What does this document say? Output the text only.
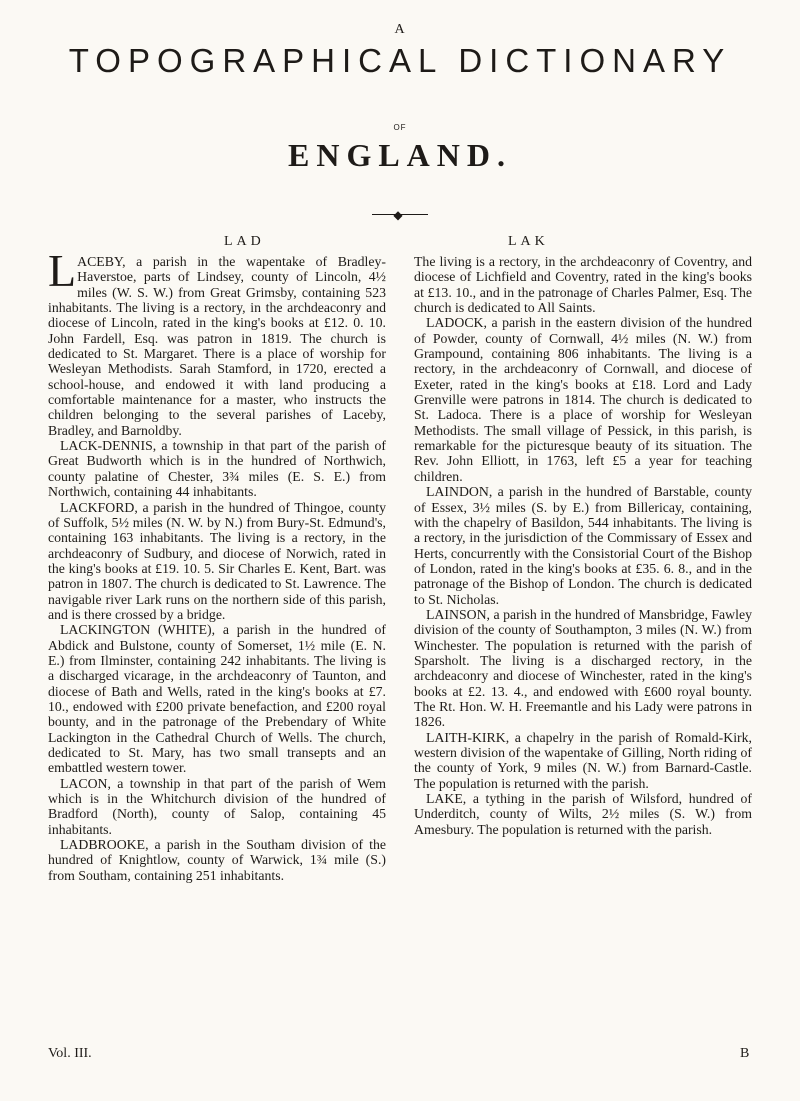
A
TOPOGRAPHICAL DICTIONARY
OF
ENGLAND.
◆
LAD	LAK

LACEBY, a parish in the wapentake of Bradley-Haverstoe, parts of Lindsey, county of Lincoln, 4½ miles (W. S. W.) from Great Grimsby, containing 523 inhabitants. The living is a rectory, in the archdeaconry and diocese of Lincoln, rated in the king's books at £12. 0. 10. John Fardell, Esq. was patron in 1819. The church is dedicated to St. Margaret. There is a place of worship for Wesleyan Methodists. Sarah Stamford, in 1720, erected a school-house, and endowed it with land producing a comfortable maintenance for a master, who instructs the children belonging to the several parishes of Laceby, Bradley, and Barnoldby.

LACK-DENNIS, a township in that part of the parish of Great Budworth which is in the hundred of Northwich, county palatine of Chester, 3¾ miles (E. S. E.) from Northwich, containing 44 inhabitants.

LACKFORD, a parish in the hundred of Thingoe, county of Suffolk, 5½ miles (N. W. by N.) from Bury-St. Edmund's, containing 163 inhabitants. The living is a rectory, in the archdeaconry of Sudbury, and diocese of Norwich, rated in the king's books at £19. 10. 5. Sir Charles E. Kent, Bart. was patron in 1807. The church is dedicated to St. Lawrence. The navigable river Lark runs on the northern side of this parish, and is there crossed by a bridge.

LACKINGTON (WHITE), a parish in the hundred of Abdick and Bulstone, county of Somerset, 1½ mile (E. N. E.) from Ilminster, containing 242 inhabitants. The living is a discharged vicarage, in the archdeaconry of Taunton, and diocese of Bath and Wells, rated in the king's books at £7. 10., endowed with £200 private benefaction, and £200 royal bounty, and in the patronage of the Prebendary of White Lackington in the Cathedral Church of Wells. The church, dedicated to St. Mary, has two small transepts and an embattled western tower.

LACON, a township in that part of the parish of Wem which is in the Whitchurch division of the hundred of Bradford (North), county of Salop, containing 45 inhabitants.

LADBROOKE, a parish in the Southam division of the hundred of Knightlow, county of Warwick, 1¾ mile (S.) from Southam, containing 251 inhabitants.

The living is a rectory, in the archdeaconry of Coventry, and diocese of Lichfield and Coventry, rated in the king's books at £13. 10., and in the patronage of Charles Palmer, Esq. The church is dedicated to All Saints.

LADOCK, a parish in the eastern division of the hundred of Powder, county of Cornwall, 4½ miles (N. W.) from Grampound, containing 806 inhabitants. The living is a rectory, in the archdeaconry of Cornwall, and diocese of Exeter, rated in the king's books at £18. Lord and Lady Grenville were patrons in 1814. The church is dedicated to St. Ladoca. There is a place of worship for Wesleyan Methodists. The small village of Pessick, in this parish, is remarkable for the picturesque beauty of its situation. The Rev. John Elliott, in 1763, left £5 a year for teaching children.

LAINDON, a parish in the hundred of Barstable, county of Essex, 3½ miles (S. by E.) from Billericay, containing, with the chapelry of Basildon, 544 inhabitants. The living is a rectory, in the jurisdiction of the Commissary of Essex and Herts, concurrently with the Consistorial Court of the Bishop of London, rated in the king's books at £35. 6. 8., and in the patronage of the Bishop of London. The church is dedicated to St. Nicholas.

LAINSON, a parish in the hundred of Mansbridge, Fawley division of the county of Southampton, 3 miles (N. W.) from Winchester. The population is returned with the parish of Sparsholt. The living is a discharged rectory, in the archdeaconry and diocese of Winchester, rated in the king's books at £2. 13. 4., and endowed with £600 royal bounty. The Rt. Hon. W. H. Freemantle and his Lady were patrons in 1826.

LAITH-KIRK, a chapelry in the parish of Romald-Kirk, western division of the wapentake of Gilling, North riding of the county of York, 9 miles (N. W.) from Barnard-Castle. The population is returned with the parish.

LAKE, a tything in the parish of Wilsford, hundred of Underditch, county of Wilts, 2½ miles (S. W.) from Amesbury. The population is returned with the parish.

Vol. III.	B
